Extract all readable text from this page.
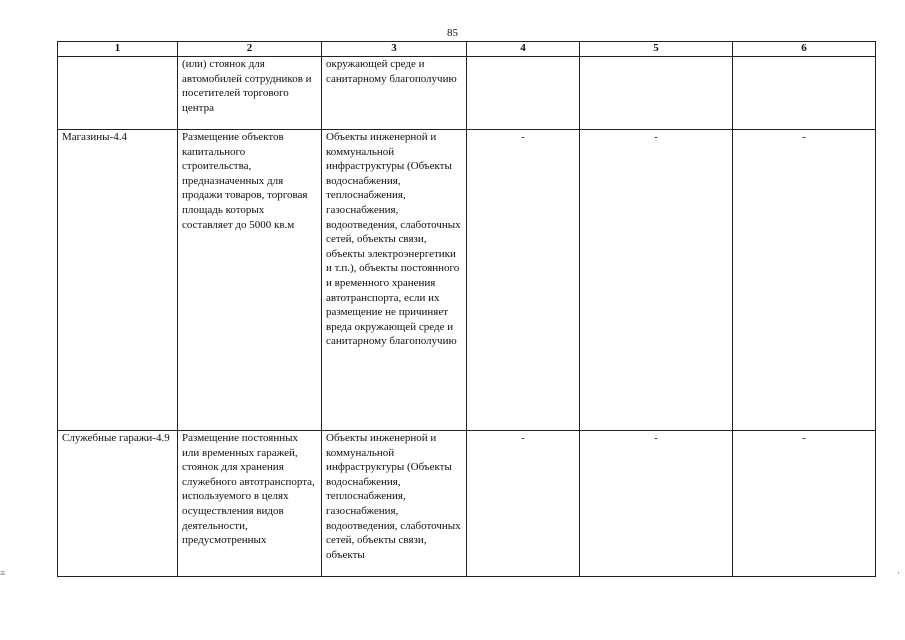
85
1	2	3	4	5	6

	(или) стоянок для автомобилей сотрудников и посетителей торгового центра	окружающей среде и санитарному благополучию			

Магазины-4.4	Размещение объектов капитального строительства, предназначенных для продажи товаров, торговая площадь которых составляет до 5000 кв.м	Объекты инженерной и коммунальной инфраструктуры (Объекты водоснабжения, теплоснабжения, газоснабжения, водоотведения, слаботочных сетей, объекты связи, объекты электроэнергетики и т.п.), объекты постоянного и временного хранения автотранспорта, если их размещение не причиняет вреда окружающей среде и санитарному благополучию	-	-	-

Служебные гаражи-4.9	Размещение постоянных или временных гаражей, стоянок для хранения служебного автотранспорта, используемого в целях осуществления видов деятельности, предусмотренных	Объекты инженерной и коммунальной инфраструктуры (Объекты водоснабжения, теплоснабжения, газоснабжения, водоотведения, слаботочных сетей, объекты связи, объекты	-	-	-
≡	·
